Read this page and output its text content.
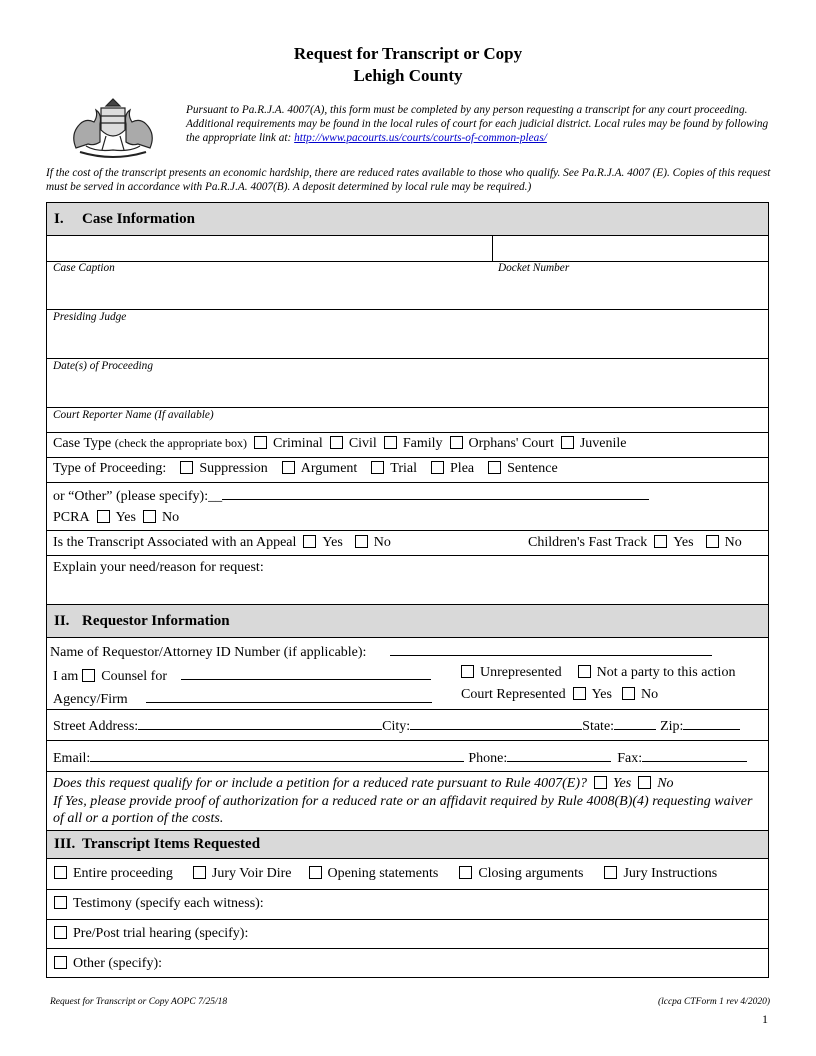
Request for Transcript or Copy
Lehigh County
Pursuant to Pa.R.J.A. 4007(A), this form must be completed by any person requesting a transcript for any court proceeding. Additional requirements may be found in the local rules of court for each judicial district. Local rules may be found by following the appropriate link at: http://www.pacourts.us/courts/courts-of-common-pleas/
If the cost of the transcript presents an economic hardship, there are reduced rates available to those who qualify. See Pa.R.J.A. 4007 (E). Copies of this request must be served in accordance with Pa.R.J.A. 4007(B). A deposit determined by local rule may be required.)
I.	Case Information
Case Caption	Docket Number
Presiding Judge
Date(s) of Proceeding
Court Reporter Name (If available)
Case Type (check the appropriate box) Criminal Civil Family Orphans' Court Juvenile
Type of Proceeding: Suppression Argument Trial Plea Sentence
or “Other” (please specify):__
PCRA Yes No
Is the Transcript Associated with an Appeal Yes No	Children's Fast Track Yes No
Explain your need/reason for request:
II. Requestor Information
Name of Requestor/Attorney ID Number (if applicable):
I am Counsel for	Unrepresented	Not a party to this action
Agency/Firm	Court Represented Yes No
Street Address:	City:	State:	Zip:
Email:	Phone:	Fax:
Does this request qualify for or include a petition for a reduced rate pursuant to Rule 4007(E)? Yes No
If Yes, please provide proof of authorization for a reduced rate or an affidavit required by Rule 4008(B)(4) requesting waiver of all or a portion of the costs.
III. Transcript Items Requested
Entire proceeding	Jury Voir Dire	Opening statements	Closing arguments	Jury Instructions
Testimony (specify each witness):
Pre/Post trial hearing (specify):
Other (specify):
Request for Transcript or Copy AOPC 7/25/18	(lccpa CTForm 1 rev 4/2020)
1
